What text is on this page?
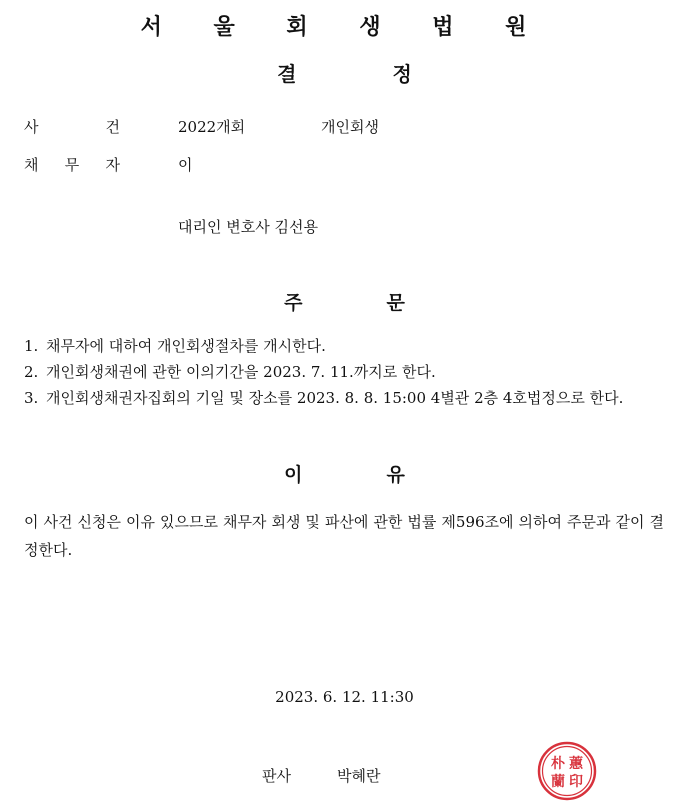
서 울 회 생 법 원
결	정
사	건	2022개회	개인회생
채 무 자	이
대리인 변호사 김선용
주	문
1. 채무자에 대하여 개인회생절차를 개시한다.
2. 개인회생채권에 관한 이의기간을 2023. 7. 11.까지로 한다.
3. 개인회생채권자집회의 기일 및 장소를 2023. 8. 8. 15:00 4별관 2층 4호법정으로 한다.
이	유

이 사건 신청은 이유 있으므로 채무자 회생 및 파산에 관한 법률 제596조에 의하여 주문과 같이 결정한다.

2023. 6. 12. 11:30
판사	박혜란
朴 蕙
蘭 印
